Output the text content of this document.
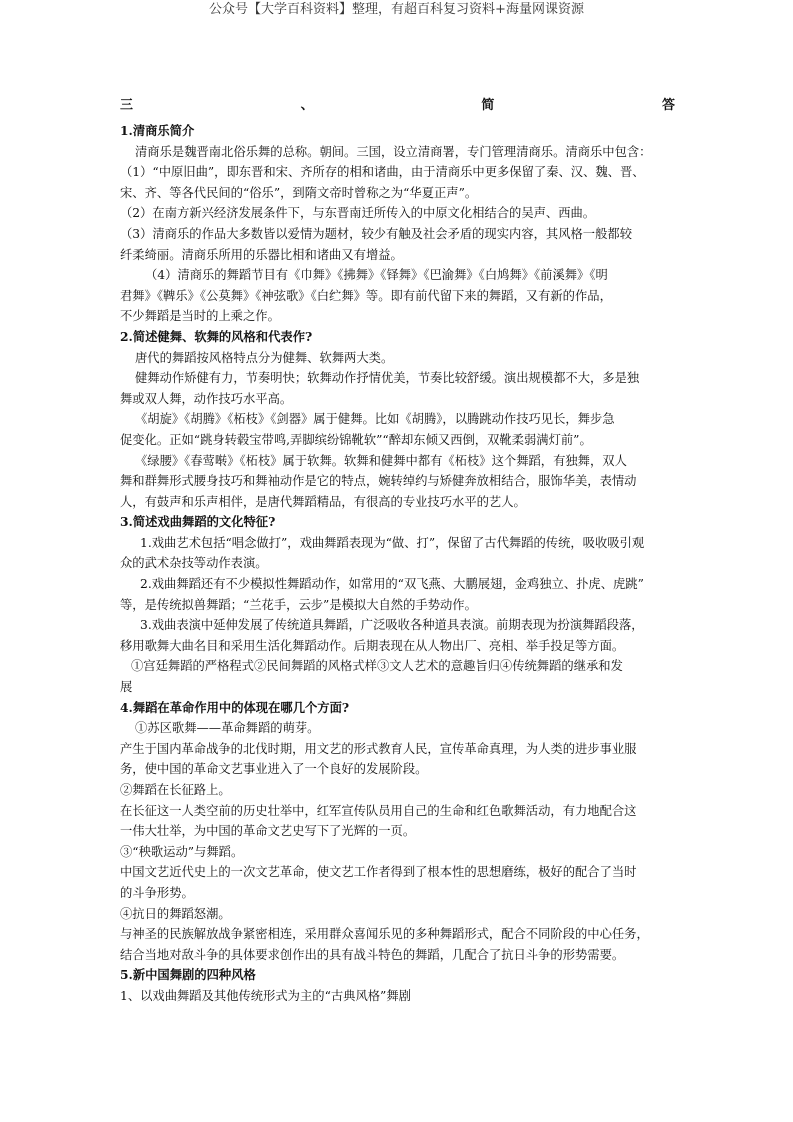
公众号【大学百科资料】整理，有超百科复习资料+海量网课资源
三	、	简	答

1.清商乐简介

清商乐是魏晋南北俗乐舞的总称。朝间。三国，设立清商署，专门管理清商乐。清商乐中包含：

（1）“中原旧曲”，即东晋和宋、齐所存的相和诸曲，由于清商乐中更多保留了秦、汉、魏、晋、

宋、齐、等各代民间的“俗乐”，到隋文帝时曾称之为“华夏正声”。

（2）在南方新兴经济发展条件下，与东晋南迁所传入的中原文化相结合的吴声、西曲。

（3）清商乐的作品大多数皆以爱情为题材，较少有触及社会矛盾的现实内容，其风格一般都较

纤柔绮丽。清商乐所用的乐器比相和诸曲又有增益。

（4）清商乐的舞蹈节目有《巾舞》《拂舞》《铎舞》《巴渝舞》《白鸠舞》《前溪舞》《明

君舞》《鞞乐》《公莫舞》《神弦歌》《白纻舞》等。即有前代留下来的舞蹈，又有新的作品，

不少舞蹈是当时的上乘之作。

2.简述健舞、软舞的风格和代表作?

唐代的舞蹈按风格特点分为健舞、软舞两大类。

健舞动作矫健有力，节奏明快；软舞动作抒情优美，节奏比较舒缓。演出规模都不大，多是独

舞或双人舞，动作技巧水平高。

《胡旋》《胡腾》《柘枝》《剑器》属于健舞。比如《胡腾》，以腾跳动作技巧见长，舞步急

促变化。正如“跳身转毂宝带鸣,弄脚缤纷锦靴软”“醉却东倾又西倒，双靴柔弱满灯前”。

《绿腰》《春莺啭》《柘枝》属于软舞。软舞和健舞中都有《柘枝》这个舞蹈，有独舞，双人

舞和群舞形式腰身技巧和舞袖动作是它的特点，婉转绰约与矫健奔放相结合，服饰华美，表情动

人，有鼓声和乐声相伴，是唐代舞蹈精品，有很高的专业技巧水平的艺人。

3.简述戏曲舞蹈的文化特征?

1.戏曲艺术包括“唱念做打”，戏曲舞蹈表现为“做、打”，保留了古代舞蹈的传统，吸收吸引观

众的武术杂技等动作表演。

2.戏曲舞蹈还有不少模拟性舞蹈动作，如常用的“双飞燕、大鹏展翅，金鸡独立、扑虎、虎跳”

等，是传统拟兽舞蹈；“兰花手，云步”是模拟大自然的手势动作。

3.戏曲表演中延伸发展了传统道具舞蹈，广泛吸收各种道具表演。前期表现为扮演舞蹈段落，

移用歌舞大曲名目和采用生活化舞蹈动作。后期表现在从人物出厂、亮相、举手投足等方面。

①宫廷舞蹈的严格程式②民间舞蹈的风格式样③文人艺术的意趣旨归④传统舞蹈的继承和发

展

4.舞蹈在革命作用中的体现在哪几个方面?

①苏区歌舞——革命舞蹈的萌芽。

产生于国内革命战争的北伐时期，用文艺的形式教育人民，宣传革命真理，为人类的进步事业服

务，使中国的革命文艺事业进入了一个良好的发展阶段。

②舞蹈在长征路上。

在长征这一人类空前的历史壮举中，红军宣传队员用自己的生命和红色歌舞活动，有力地配合这

一伟大壮举，为中国的革命文艺史写下了光辉的一页。

③“秧歌运动”与舞蹈。

中国文艺近代史上的一次文艺革命，使文艺工作者得到了根本性的思想磨练，极好的配合了当时

的斗争形势。

④抗日的舞蹈怒潮。

与神圣的民族解放战争紧密相连，采用群众喜闻乐见的多种舞蹈形式，配合不同阶段的中心任务，

结合当地对敌斗争的具体要求创作出的具有战斗特色的舞蹈，几配合了抗日斗争的形势需要。

5.新中国舞剧的四种风格

1、以戏曲舞蹈及其他传统形式为主的“古典风格”舞剧
